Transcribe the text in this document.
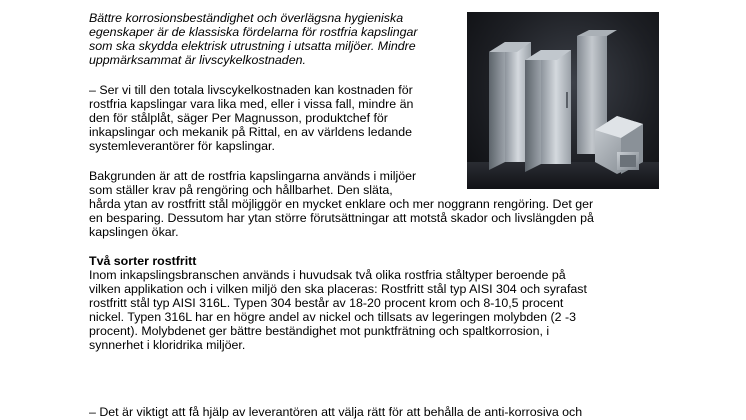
Bättre korrosionsbeständighet och överlägsna hygieniska
egenskaper är de klassiska fördelarna för rostfria kapslingar
som ska skydda elektrisk utrustning i utsatta miljöer. Mindre
uppmärksammat är livscykelkostnaden.
– Ser vi till den totala livscykelkostnaden kan kostnaden för
rostfria kapslingar vara lika med, eller i vissa fall, mindre än
den för stålplåt, säger Per Magnusson, produktchef för
inkapslingar och mekanik på Rittal, en av världens ledande
systemleverantörer för kapslingar.
Bakgrunden är att de rostfria kapslingarna används i miljöer
som ställer krav på rengöring och hållbarhet. Den släta,
hårda ytan av rostfritt stål möjliggör en mycket enklare och mer noggrann rengöring. Det ger
en besparing. Dessutom har ytan större förutsättningar att motstå skador och livslängden på
kapslingen ökar.
Två sorter rostfritt
Inom inkapslingsbranschen används i huvudsak två olika rostfria ståltyper beroende på
vilken applikation och i vilken miljö den ska placeras: Rostfritt stål typ AISI 304 och syrafast
rostfritt stål typ AISI 316L. Typen 304 består av 18-20 procent krom och 8-10,5 procent
nickel. Typen 316L har en högre andel av nickel och tillsats av legeringen molybden (2 -3
procent). Molybdenet ger bättre beständighet mot punktfrätning och spaltkorrosion, i
synnerhet i kloridrika miljöer.
– Det är viktigt att få hjälp av leverantören att välja rätt för att behålla de anti-korrosiva och
